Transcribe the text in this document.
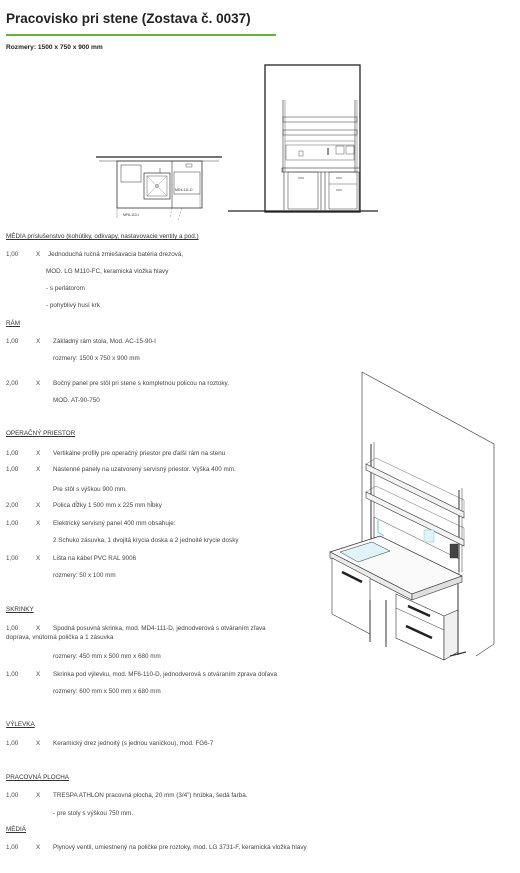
Pracovisko pri stene (Zostava č. 0037)
Rozmery: 1500 x 750 x 900 mm
MD4-111-D
MF6-110-I
MÉDIA príslušenstvo (kohútiky, odkvapy, nastavovacie ventily a pod.)
1,00	X Jednoduchá ručná zmiešavacia batéria drezová,
MOD. LG M110-FC, keramická vložka hlavy
- s perlátorom
- pohyblivý husí krk
RÁM
1,00	X Základný rám stola, Mod. AC-15-90-I
rozmery: 1500 x 750 x 900 mm
2,00	X Bočný panel pre stôl pri stene s kompletnou policou na roztoky,
MOD. AT-90-750
OPERAČNÝ PRIESTOR
1,00	X Vertikálne profily pre operačný priestor pre ďalší rám na stenu
1,00	X Nástenné panely na uzatvorený servisný priestor. Výška 400 mm.
Pre stôl s výškou 900 mm.
2,00	X Polica dĺžky 1 500 mm x 225 mm hĺbky
1,00	X Elektrický servisný panel 400 mm obsahuje:
2 Schuko zásuvka, 1 dvojitá krycia doska a 2 jednoité krycie dosky
1,00	X Lišta na kábel PVC RAL 9006
rozmery: 50 x 100 mm
SKRINKY
1,00	X Spodná posuvná skrinka, mod. MD4-111-D, jednodverová s otváraním zľava
doprava, vnútorná polička a 1 zásuvka
rozmery: 450 mm x 500 mm x 680 mm
1,00	X Skrinka pod výlevku, mod. MF6-110-D, jednodverová s otváraním zprava doľava
rozmery: 600 mm x 500 mm x 680 mm
VÝLEVKA
1,00	X Keramický drez jednoitý (s jednou vaničkou), mod. FG6-7
PRACOVNÁ PLOCHA
1,00	X TRESPA ATHLON pracovná plocha, 20 mm (3/4") hrúbka, šedá farba.
- pre stoly s výškou 750 mm.
MÉDIÁ
1,00	X Plynový ventil, umiestnený na poličke pre roztoky, mod. LG 3731-F, keramická vložka hlavy
